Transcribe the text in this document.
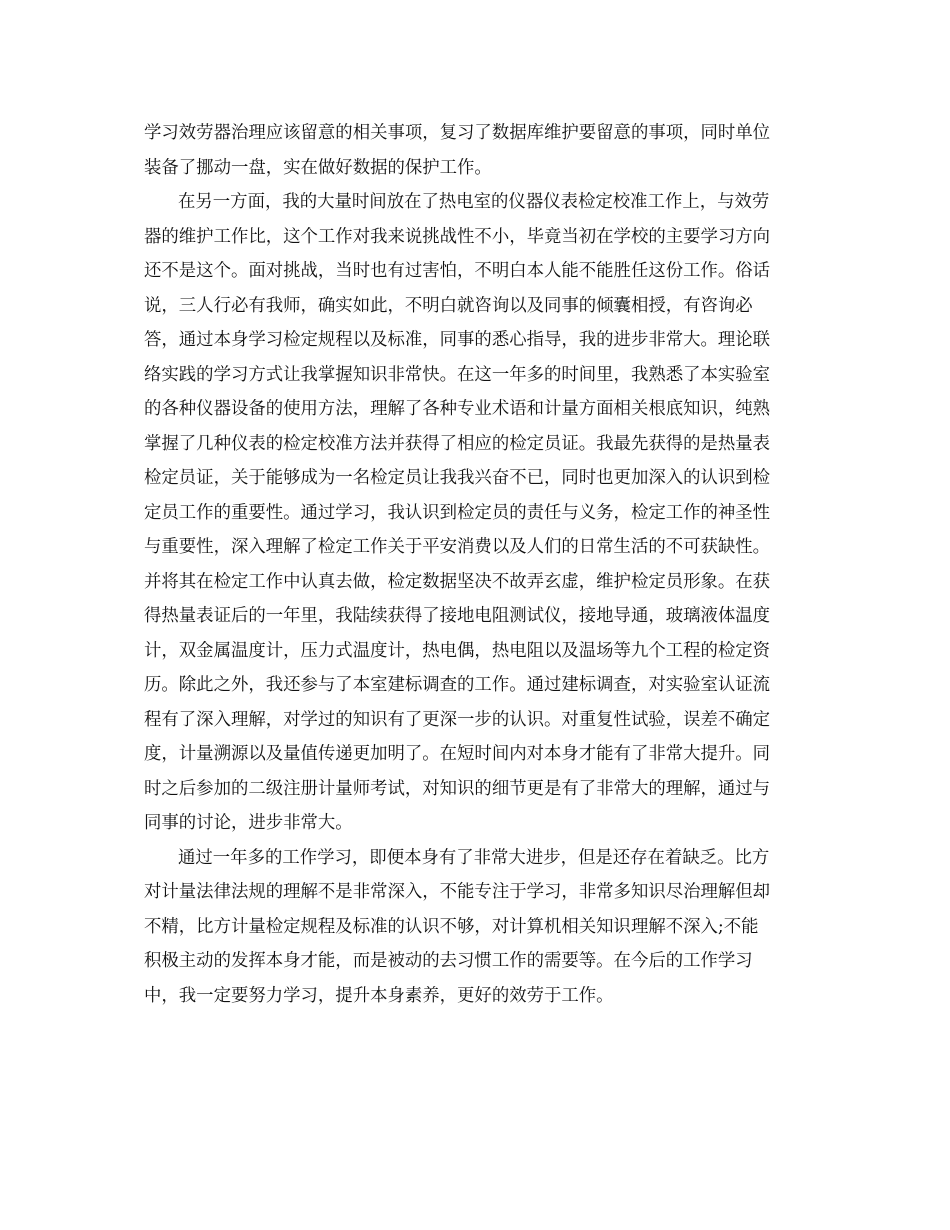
学习效劳器治理应该留意的相关事项，复习了数据库维护要留意的事项，同时单位
装备了挪动一盘，实在做好数据的保护工作。
在另一方面，我的大量时间放在了热电室的仪器仪表检定校准工作上，与效劳
器的维护工作比，这个工作对我来说挑战性不小，毕竟当初在学校的主要学习方向
还不是这个。面对挑战，当时也有过害怕，不明白本人能不能胜任这份工作。俗话
说，三人行必有我师，确实如此，不明白就咨询以及同事的倾囊相授，有咨询必
答，通过本身学习检定规程以及标准，同事的悉心指导，我的进步非常大。理论联
络实践的学习方式让我掌握知识非常快。在这一年多的时间里，我熟悉了本实验室
的各种仪器设备的使用方法，理解了各种专业术语和计量方面相关根底知识，纯熟
掌握了几种仪表的检定校准方法并获得了相应的检定员证。我最先获得的是热量表
检定员证，关于能够成为一名检定员让我我兴奋不已，同时也更加深入的认识到检
定员工作的重要性。通过学习，我认识到检定员的责任与义务，检定工作的神圣性
与重要性，深入理解了检定工作关于平安消费以及人们的日常生活的不可获缺性。
并将其在检定工作中认真去做，检定数据坚决不故弄玄虚，维护检定员形象。在获
得热量表证后的一年里，我陆续获得了接地电阻测试仪，接地导通，玻璃液体温度
计，双金属温度计，压力式温度计，热电偶，热电阻以及温场等九个工程的检定资
历。除此之外，我还参与了本室建标调查的工作。通过建标调查，对实验室认证流
程有了深入理解，对学过的知识有了更深一步的认识。对重复性试验，误差不确定
度，计量溯源以及量值传递更加明了。在短时间内对本身才能有了非常大提升。同
时之后参加的二级注册计量师考试，对知识的细节更是有了非常大的理解，通过与
同事的讨论，进步非常大。
通过一年多的工作学习，即便本身有了非常大进步，但是还存在着缺乏。比方
对计量法律法规的理解不是非常深入，不能专注于学习，非常多知识尽治理解但却
不精，比方计量检定规程及标准的认识不够，对计算机相关知识理解不深入;不能
积极主动的发挥本身才能，而是被动的去习惯工作的需要等。在今后的工作学习
中，我一定要努力学习，提升本身素养，更好的效劳于工作。
